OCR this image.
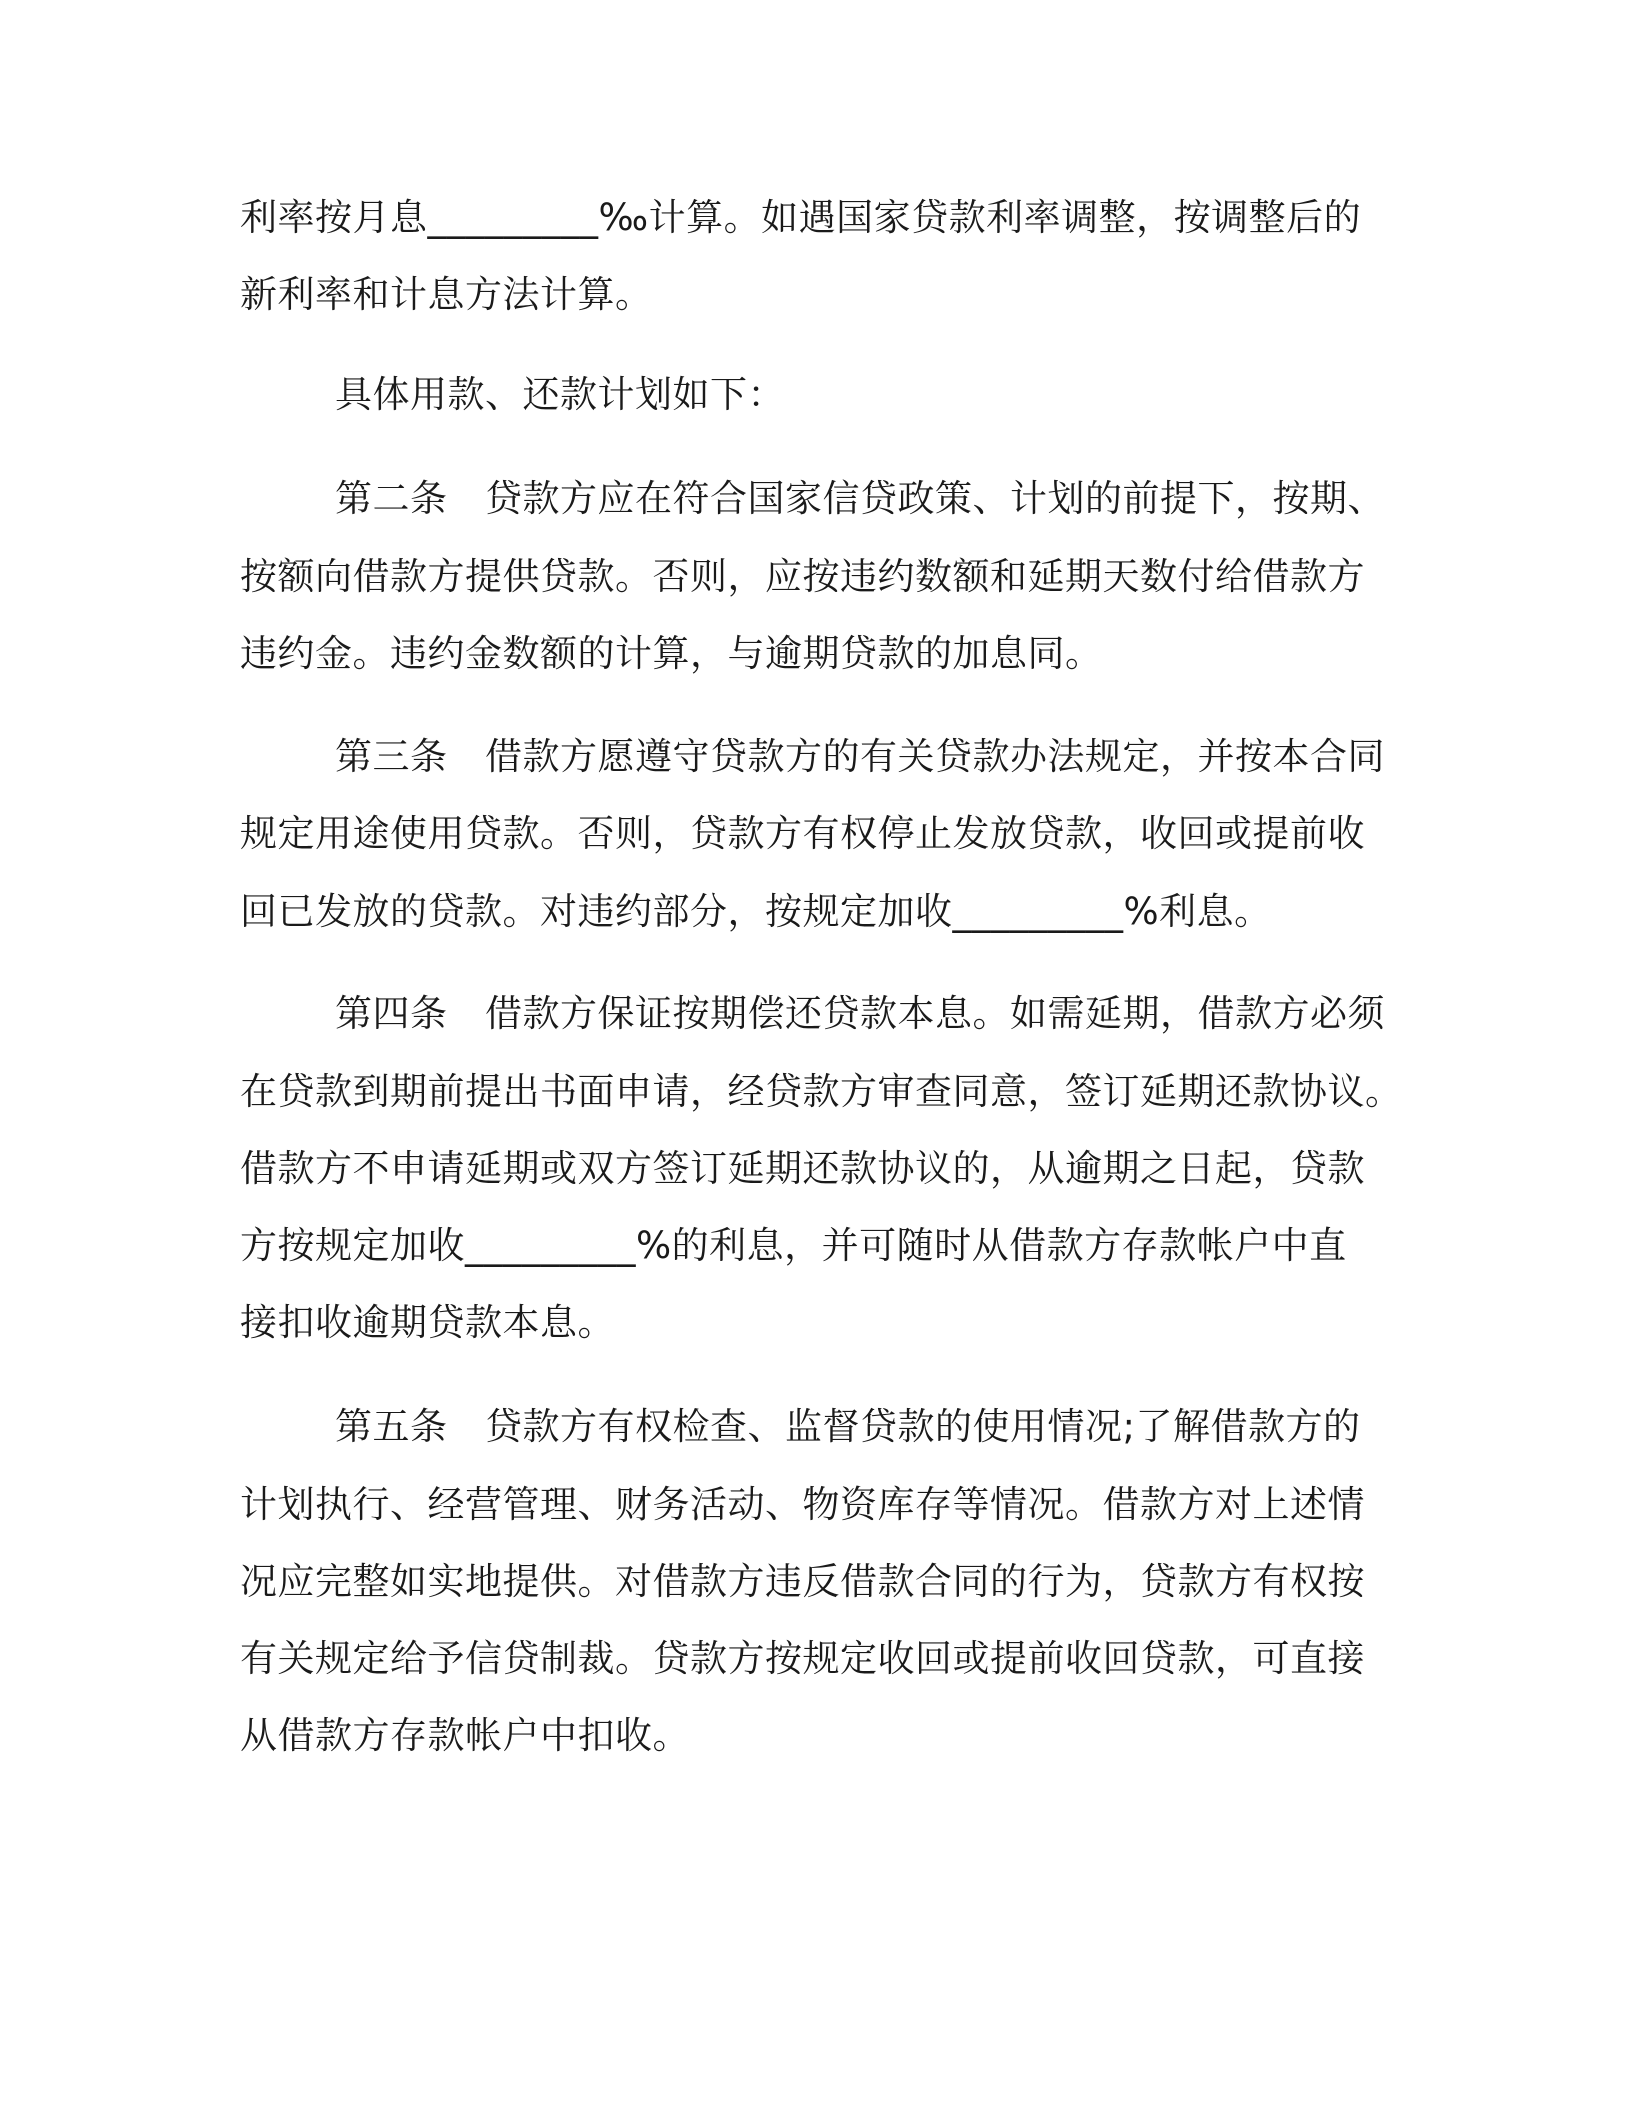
利率按月息_________‰计算。如遇国家贷款利率调整，按调整后的
新利率和计息方法计算。
具体用款、还款计划如下：
第二条　贷款方应在符合国家信贷政策、计划的前提下，按期、
按额向借款方提供贷款。否则，应按违约数额和延期天数付给借款方
违约金。违约金数额的计算，与逾期贷款的加息同。
第三条　借款方愿遵守贷款方的有关贷款办法规定，并按本合同
规定用途使用贷款。否则，贷款方有权停止发放贷款，收回或提前收
回已发放的贷款。对违约部分，按规定加收_________%利息。
第四条　借款方保证按期偿还贷款本息。如需延期，借款方必须
在贷款到期前提出书面申请，经贷款方审查同意，签订延期还款协议。
借款方不申请延期或双方签订延期还款协议的，从逾期之日起，贷款
方按规定加收_________%的利息，并可随时从借款方存款帐户中直
接扣收逾期贷款本息。
第五条　贷款方有权检查、监督贷款的使用情况;了解借款方的
计划执行、经营管理、财务活动、物资库存等情况。借款方对上述情
况应完整如实地提供。对借款方违反借款合同的行为，贷款方有权按
有关规定给予信贷制裁。贷款方按规定收回或提前收回贷款，可直接
从借款方存款帐户中扣收。
